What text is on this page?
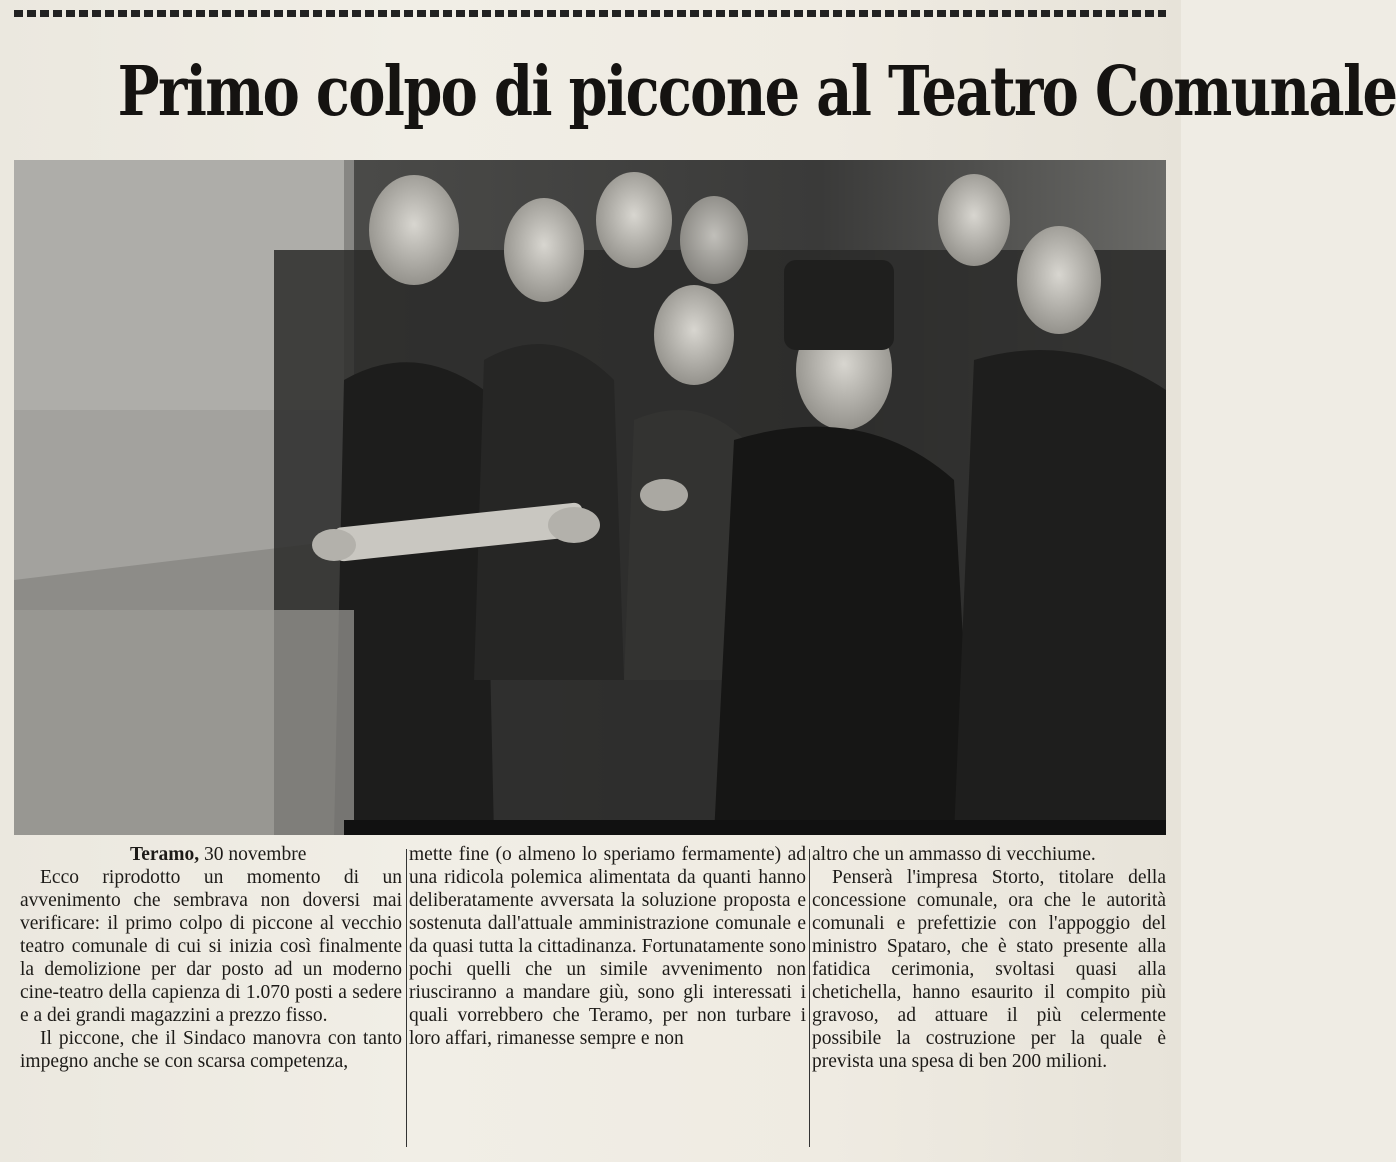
Primo colpo di piccone al Teatro Comunale

Teramo, 30 novembre

Ecco riprodotto un momento di un avvenimento che sembrava non doversi mai verificare: il primo colpo di piccone al vecchio teatro comunale di cui si inizia così finalmente la demolizione per dar posto ad un moderno cine-teatro della capienza di 1.070 posti a sedere e a dei grandi magazzini a prezzo fisso.

Il piccone, che il Sindaco manovra con tanto impegno anche se con scarsa competenza,

mette fine (o almeno lo speriamo fermamente) ad una ridicola polemica alimentata da quanti hanno deliberatamente avversata la soluzione proposta e sostenuta dall'attuale amministrazione comunale e da quasi tutta la cittadinanza. Fortunatamente sono pochi quelli che un simile avvenimento non riusciranno a mandare giù, sono gli interessati i quali vorrebbero che Teramo, per non turbare i loro affari, rimanesse sempre e non

altro che un ammasso di vecchiume.

Penserà l'impresa Storto, titolare della concessione comunale, ora che le autorità comunali e prefettizie con l'appoggio del ministro Spataro, che è stato presente alla fatidica cerimonia, svoltasi quasi alla chetichella, hanno esaurito il compito più gravoso, ad attuare il più celermente possibile la costruzione per la quale è prevista una spesa di ben 200 milioni.
